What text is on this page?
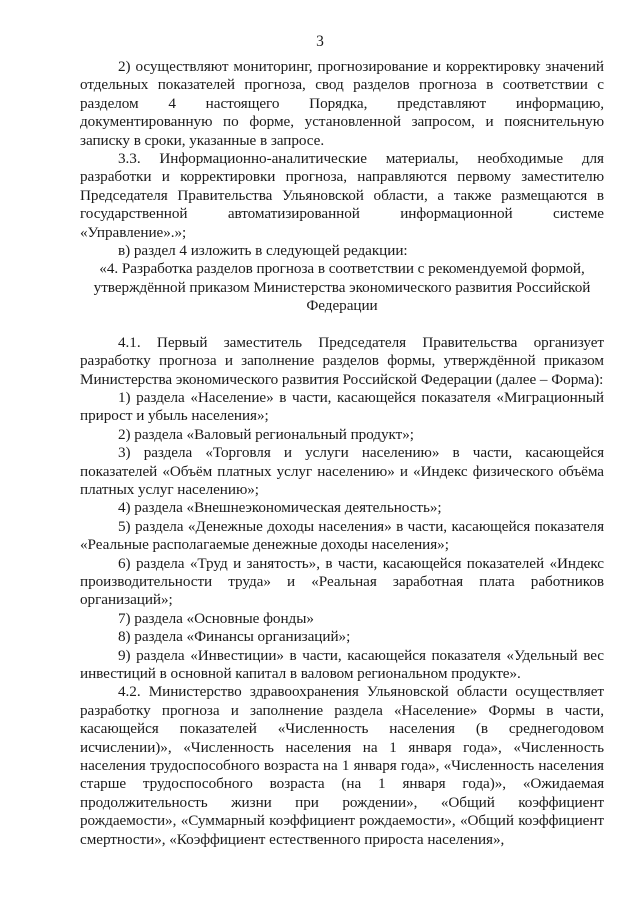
3

2) осуществляют мониторинг, прогнозирование и корректировку значений отдельных показателей прогноза, свод разделов прогноза в соответствии с разделом 4 настоящего Порядка, представляют информацию, документированную по форме, установленной запросом, и пояснительную записку в сроки, указанные в запросе.

3.3. Информационно-аналитические материалы, необходимые для разработки и корректировки прогноза, направляются первому заместителю Председателя Правительства Ульяновской области, а также размещаются в государственной автоматизированной информационной системе «Управление».»;

в) раздел 4 изложить в следующей редакции:

«4. Разработка разделов прогноза в соответствии с рекомендуемой формой, утверждённой приказом Министерства экономического развития Российской Федерации

4.1. Первый заместитель Председателя Правительства организует разработку прогноза и заполнение разделов формы, утверждённой приказом Министерства экономического развития Российской Федерации (далее – Форма):

1) раздела «Население» в части, касающейся показателя «Миграционный прирост и убыль населения»;

2) раздела «Валовый региональный продукт»;

3) раздела «Торговля и услуги населению» в части, касающейся показателей «Объём платных услуг населению» и «Индекс физического объёма платных услуг населению»;

4) раздела «Внешнеэкономическая деятельность»;

5) раздела «Денежные доходы населения» в части, касающейся показателя «Реальные располагаемые денежные доходы населения»;

6) раздела «Труд и занятость», в части, касающейся показателей «Индекс производительности труда» и «Реальная заработная плата работников организаций»;

7) раздела «Основные фонды»

8) раздела «Финансы организаций»;

9) раздела «Инвестиции» в части, касающейся показателя «Удельный вес инвестиций в основной капитал в валовом региональном продукте».

4.2. Министерство здравоохранения Ульяновской области осуществляет разработку прогноза и заполнение раздела «Население» Формы в части, касающейся показателей «Численность населения (в среднегодовом исчислении)», «Численность населения на 1 января года», «Численность населения трудоспособного возраста на 1 января года», «Численность населения старше трудоспособного возраста (на 1 января года)», «Ожидаемая продолжительность жизни при рождении», «Общий коэффициент рождаемости», «Суммарный коэффициент рождаемости», «Общий коэффициент смертности», «Коэффициент естественного прироста населения»,
